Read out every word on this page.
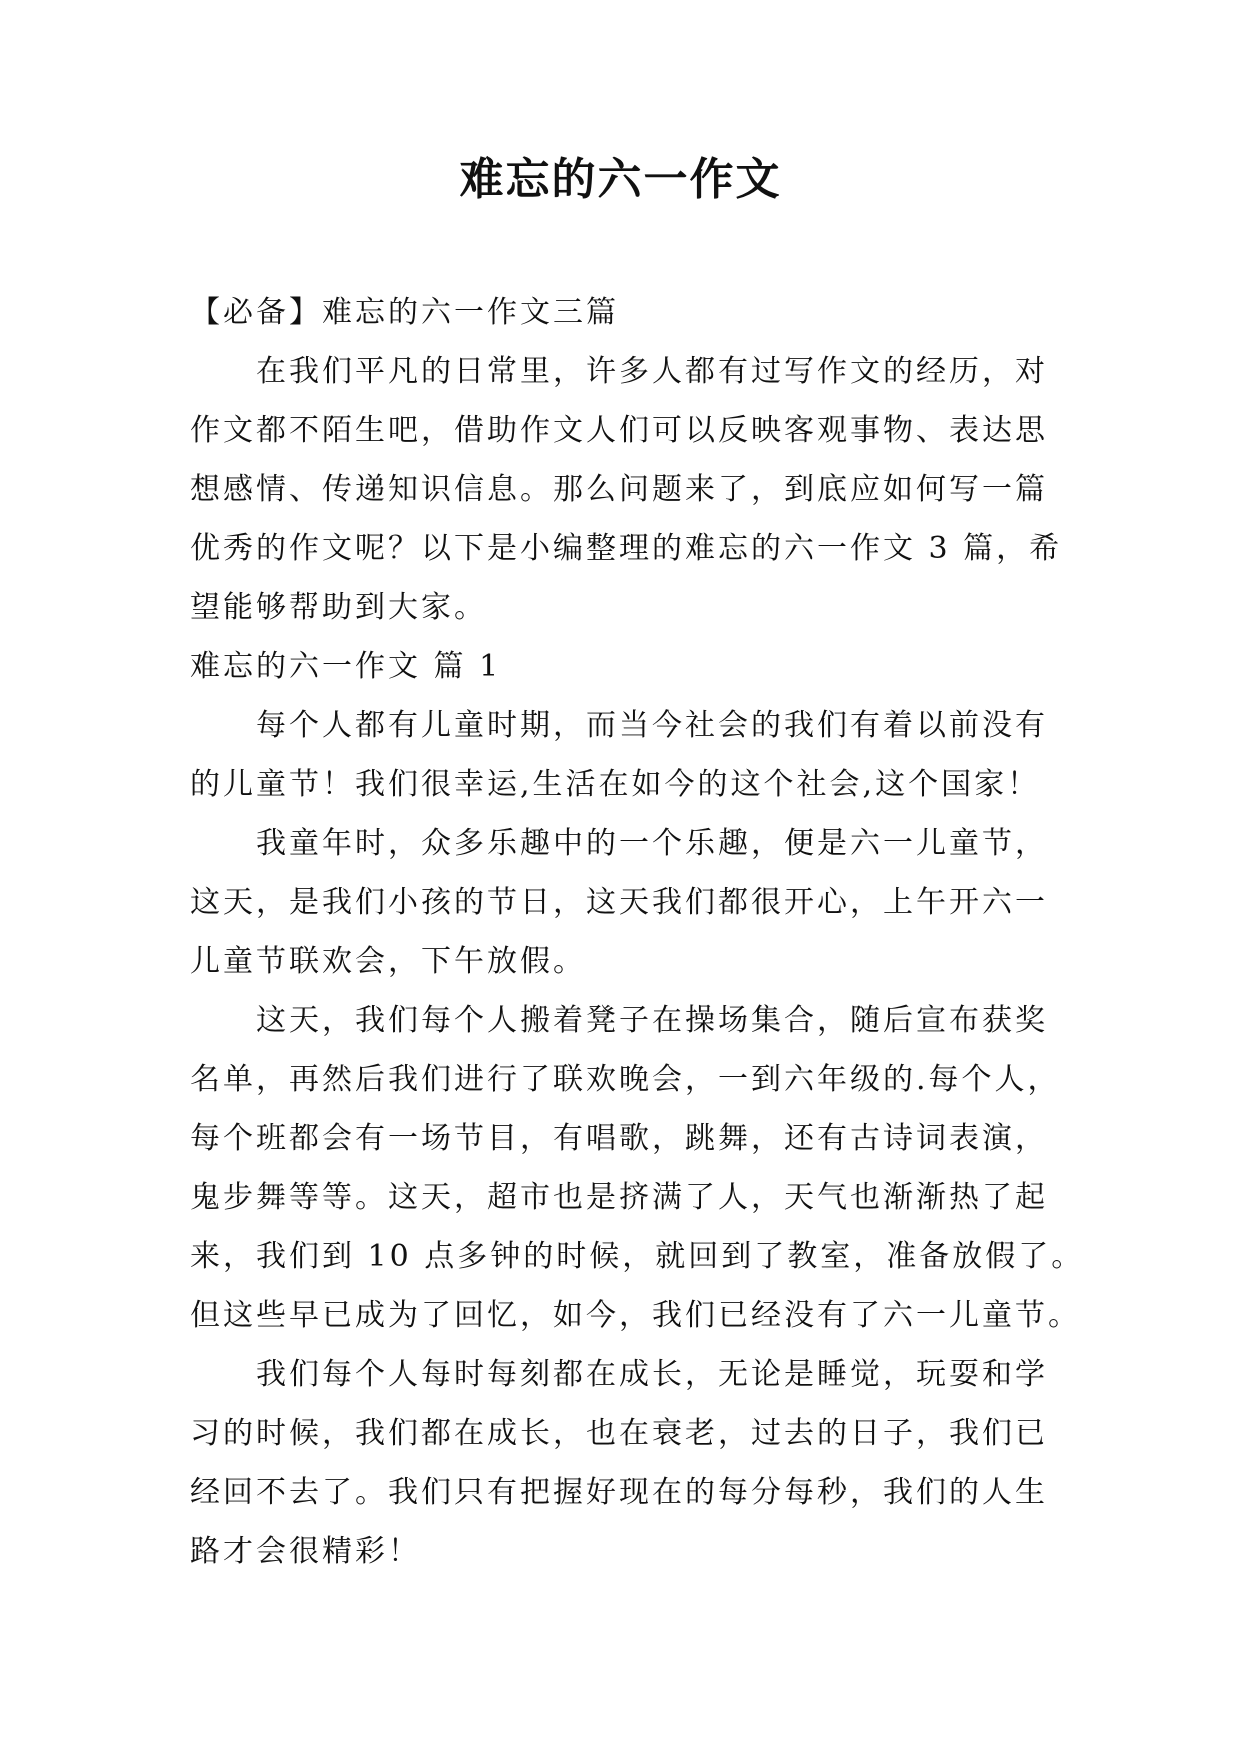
难忘的六一作文
【必备】难忘的六一作文三篇
在我们平凡的日常里，许多人都有过写作文的经历，对
作文都不陌生吧，借助作文人们可以反映客观事物、表达思
想感情、传递知识信息。那么问题来了，到底应如何写一篇
优秀的作文呢？以下是小编整理的难忘的六一作文 3 篇，希
望能够帮助到大家。
难忘的六一作文 篇 1
每个人都有儿童时期，而当今社会的我们有着以前没有
的儿童节！我们很幸运,生活在如今的这个社会,这个国家！
我童年时，众多乐趣中的一个乐趣，便是六一儿童节，
这天，是我们小孩的节日，这天我们都很开心，上午开六一
儿童节联欢会，下午放假。
这天，我们每个人搬着凳子在操场集合，随后宣布获奖
名单，再然后我们进行了联欢晚会，一到六年级的.每个人，
每个班都会有一场节目，有唱歌，跳舞，还有古诗词表演，
鬼步舞等等。这天，超市也是挤满了人，天气也渐渐热了起
来，我们到 10 点多钟的时候，就回到了教室，准备放假了。
但这些早已成为了回忆，如今，我们已经没有了六一儿童节。
我们每个人每时每刻都在成长，无论是睡觉，玩耍和学
习的时候，我们都在成长，也在衰老，过去的日子，我们已
经回不去了。我们只有把握好现在的每分每秒，我们的人生
路才会很精彩！
